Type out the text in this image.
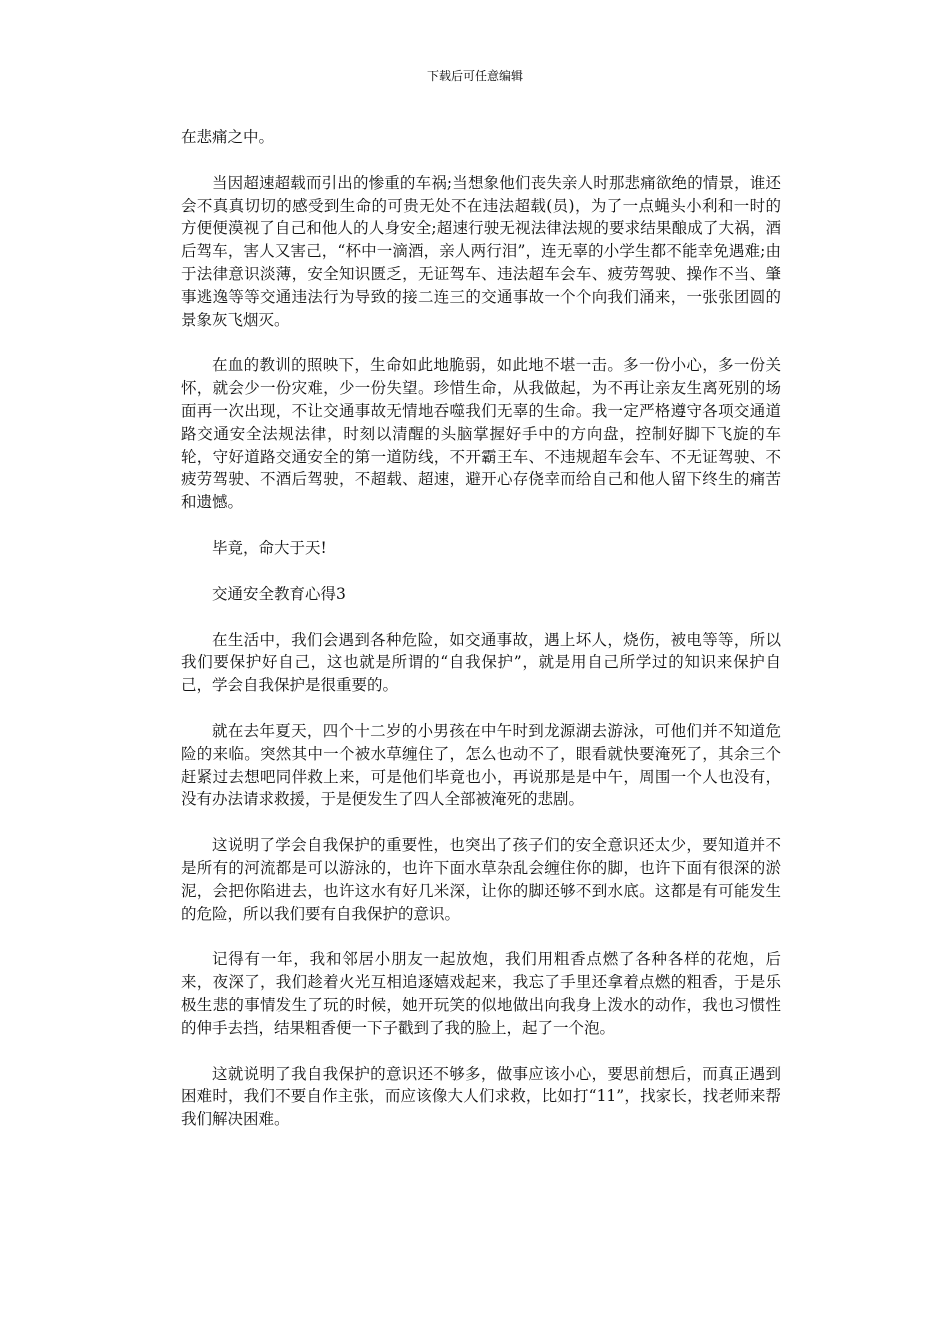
下载后可任意编辑

在悲痛之中。

当因超速超载而引出的惨重的车祸;当想象他们丧失亲人时那悲痛欲绝的情景，谁还会不真真切切的感受到生命的可贵无处不在违法超载(员)，为了一点蝇头小利和一时的方便便漠视了自己和他人的人身安全;超速行驶无视法律法规的要求结果酿成了大祸，酒后驾车，害人又害己，“杯中一滴酒，亲人两行泪”，连无辜的小学生都不能幸免遇难;由于法律意识淡薄，安全知识匮乏，无证驾车、违法超车会车、疲劳驾驶、操作不当、肇事逃逸等等交通违法行为导致的接二连三的交通事故一个个向我们涌来，一张张团圆的景象灰飞烟灭。

在血的教训的照映下，生命如此地脆弱，如此地不堪一击。多一份小心，多一份关怀，就会少一份灾难，少一份失望。珍惜生命，从我做起，为不再让亲友生离死别的场面再一次出现，不让交通事故无情地吞噬我们无辜的生命。我一定严格遵守各项交通道路交通安全法规法律，时刻以清醒的头脑掌握好手中的方向盘，控制好脚下飞旋的车轮，守好道路交通安全的第一道防线，不开霸王车、不违规超车会车、不无证驾驶、不疲劳驾驶、不酒后驾驶，不超载、超速，避开心存侥幸而给自己和他人留下终生的痛苦和遗憾。

毕竟，命大于天!

交通安全教育心得3

在生活中，我们会遇到各种危险，如交通事故，遇上坏人，烧伤，被电等等，所以我们要保护好自己，这也就是所谓的“自我保护”，就是用自己所学过的知识来保护自己，学会自我保护是很重要的。

就在去年夏天，四个十二岁的小男孩在中午时到龙源湖去游泳，可他们并不知道危险的来临。突然其中一个被水草缠住了，怎么也动不了，眼看就快要淹死了，其余三个赶紧过去想吧同伴救上来，可是他们毕竟也小，再说那是是中午，周围一个人也没有，没有办法请求救援，于是便发生了四人全部被淹死的悲剧。

这说明了学会自我保护的重要性，也突出了孩子们的安全意识还太少，要知道并不是所有的河流都是可以游泳的，也许下面水草杂乱会缠住你的脚，也许下面有很深的淤泥，会把你陷进去，也许这水有好几米深，让你的脚还够不到水底。这都是有可能发生的危险，所以我们要有自我保护的意识。

记得有一年，我和邻居小朋友一起放炮，我们用粗香点燃了各种各样的花炮，后来，夜深了，我们趁着火光互相追逐嬉戏起来，我忘了手里还拿着点燃的粗香，于是乐极生悲的事情发生了玩的时候，她开玩笑的似地做出向我身上泼水的动作，我也习惯性的伸手去挡，结果粗香便一下子戳到了我的脸上，起了一个泡。

这就说明了我自我保护的意识还不够多，做事应该小心，要思前想后，而真正遇到困难时，我们不要自作主张，而应该像大人们求救，比如打“11”，找家长，找老师来帮我们解决困难。
